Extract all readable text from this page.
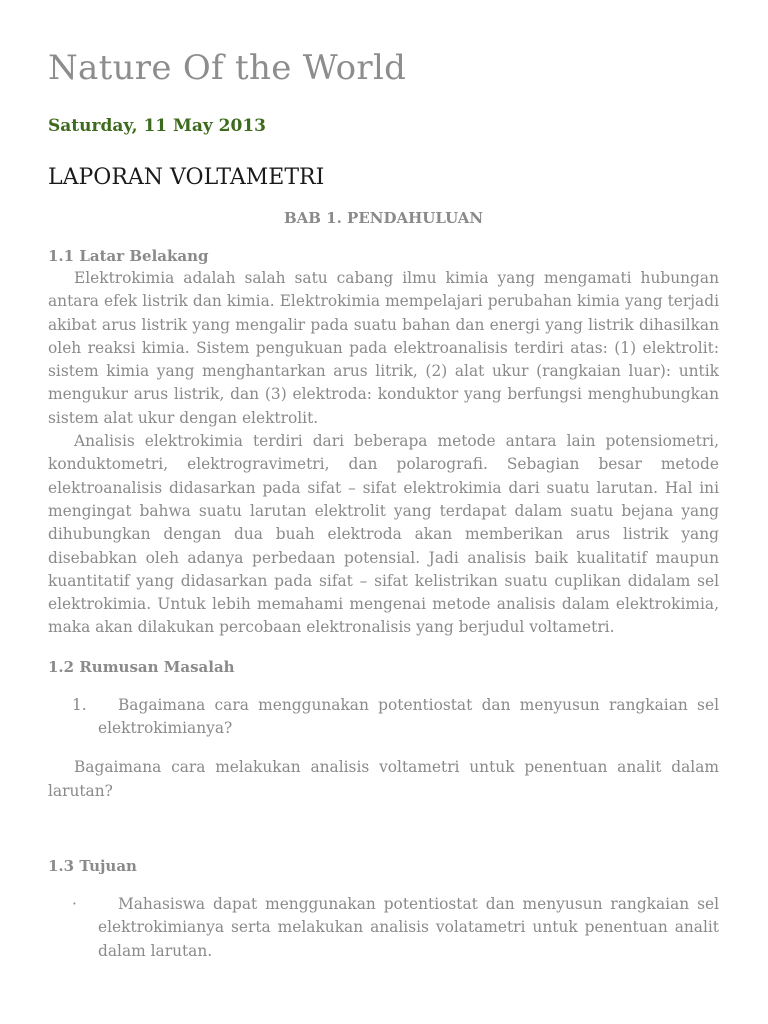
Nature Of the World
Saturday, 11 May 2013
LAPORAN VOLTAMETRI

BAB 1. PENDAHULUAN

1.1 Latar Belakang

Elektrokimia adalah salah satu cabang ilmu kimia yang mengamati hubungan antara efek listrik dan kimia. Elektrokimia mempelajari perubahan kimia yang terjadi akibat arus listrik yang mengalir pada suatu bahan dan energi yang listrik dihasilkan oleh reaksi kimia. Sistem pengukuan pada elektroanalisis terdiri atas: (1) elektrolit: sistem kimia yang menghantarkan arus litrik, (2) alat ukur (rangkaian luar): untik mengukur arus listrik, dan (3) elektroda: konduktor yang berfungsi menghubungkan sistem alat ukur dengan elektrolit.

Analisis elektrokimia terdiri dari beberapa metode antara lain potensiometri, konduktometri, elektrogravimetri, dan polarografi. Sebagian besar metode elektroanalisis didasarkan pada sifat – sifat elektrokimia dari suatu larutan. Hal ini mengingat bahwa suatu larutan elektrolit yang terdapat dalam suatu bejana yang dihubungkan dengan dua buah elektroda akan memberikan arus listrik yang disebabkan oleh adanya perbedaan potensial. Jadi analisis baik kualitatif maupun kuantitatif yang didasarkan pada sifat – sifat kelistrikan suatu cuplikan didalam sel elektrokimia. Untuk lebih memahami mengenai metode analisis dalam elektrokimia, maka akan dilakukan percobaan elektronalisis yang berjudul voltametri.

1.2 Rumusan Masalah

1. Bagaimana cara menggunakan potentiostat dan menyusun rangkaian sel elektrokimianya?

Bagaimana cara melakukan analisis voltametri untuk penentuan analit dalam larutan?

1.3 Tujuan

·	Mahasiswa dapat menggunakan potentiostat dan menyusun rangkaian sel elektrokimianya serta melakukan analisis volatametri untuk penentuan analit dalam larutan.
